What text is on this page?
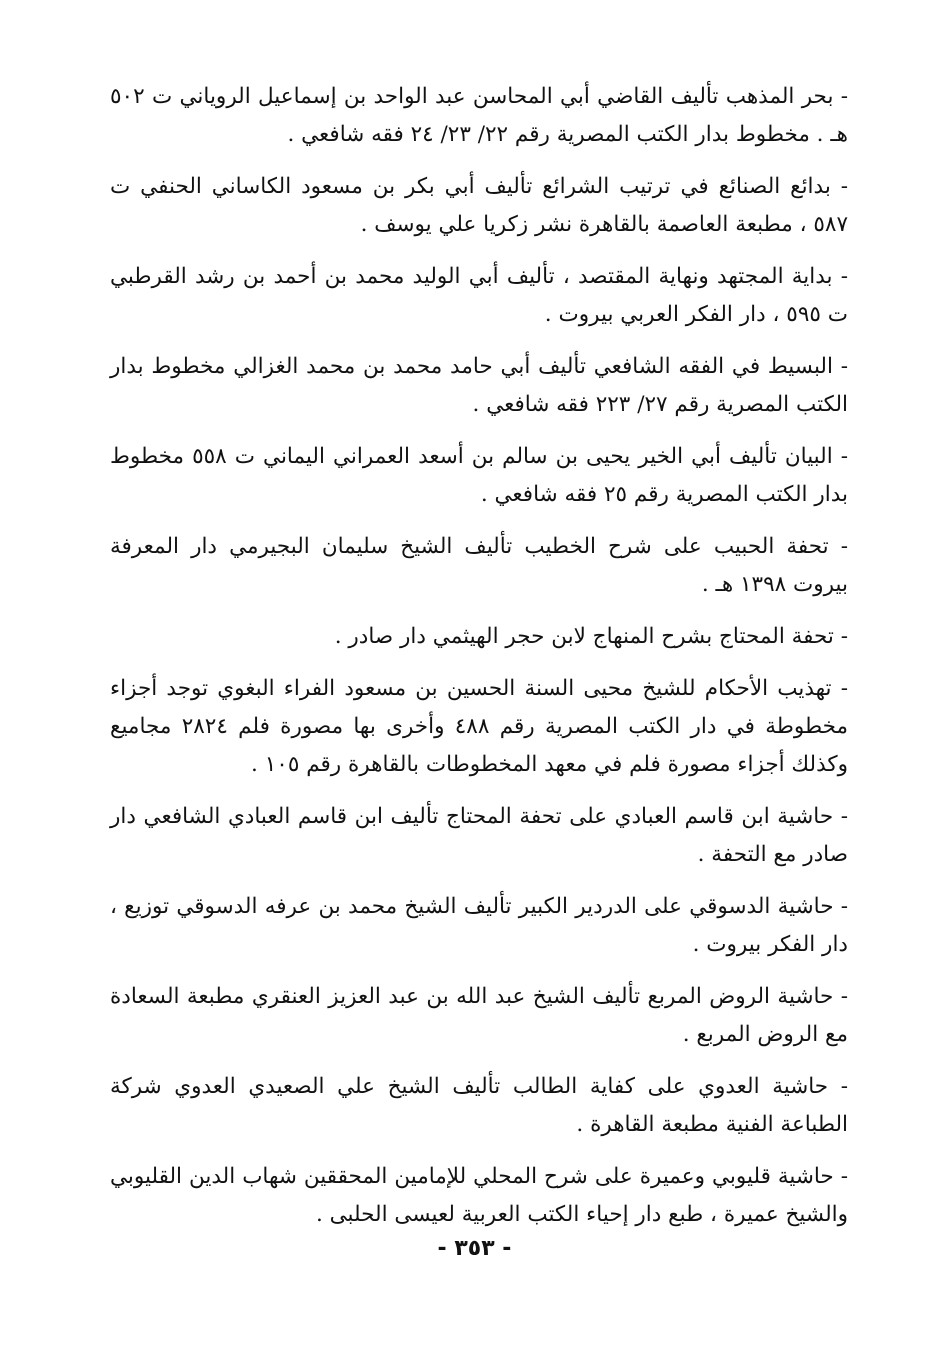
- بحر المذهب تأليف القاضي أبي المحاسن عبد الواحد بن إسماعيل الروياني ت ٥٠٢ هـ . مخطوط بدار الكتب المصرية رقم ٢٢/ ٢٣/ ٢٤ فقه شافعي .

- بدائع الصنائع في ترتيب الشرائع تأليف أبي بكر بن مسعود الكاساني الحنفي ت ٥٨٧ ، مطبعة العاصمة بالقاهرة نشر زكريا علي يوسف .

- بداية المجتهد ونهاية المقتصد ، تأليف أبي الوليد محمد بن أحمد بن رشد القرطبي ت ٥٩٥ ، دار الفكر العربي بيروت .

- البسيط في الفقه الشافعي تأليف أبي حامد محمد بن محمد الغزالي مخطوط بدار الكتب المصرية رقم ٢٧/ ٢٢٣ فقه شافعي .

- البيان تأليف أبي الخير يحيى بن سالم بن أسعد العمراني اليماني ت ٥٥٨ مخطوط بدار الكتب المصرية رقم ٢٥ فقه شافعي .

- تحفة الحبيب على شرح الخطيب تأليف الشيخ سليمان البجيرمي دار المعرفة بيروت ١٣٩٨ هـ .

- تحفة المحتاج بشرح المنهاج لابن حجر الهيثمي دار صادر .

- تهذيب الأحكام للشيخ محيى السنة الحسين بن مسعود الفراء البغوي توجد أجزاء مخطوطة في دار الكتب المصرية رقم ٤٨٨ وأخرى بها مصورة فلم ٢٨٢٤ مجاميع وكذلك أجزاء مصورة فلم في معهد المخطوطات بالقاهرة رقم ١٠٥ .

- حاشية ابن قاسم العبادي على تحفة المحتاج تأليف ابن قاسم العبادي الشافعي دار صادر مع التحفة .

- حاشية الدسوقي على الدردير الكبير تأليف الشيخ محمد بن عرفه الدسوقي توزيع ، دار الفكر بيروت .

- حاشية الروض المربع تأليف الشيخ عبد الله بن عبد العزيز العنقري مطبعة السعادة مع الروض المربع .

- حاشية العدوي على كفاية الطالب تأليف الشيخ علي الصعيدي العدوي شركة الطباعة الفنية مطبعة القاهرة .

- حاشية قليوبي وعميرة على شرح المحلي للإمامين المحققين شهاب الدين القليوبي والشيخ عميرة ، طبع دار إحياء الكتب العربية لعيسى الحلبى .

- ٣٥٣ -
